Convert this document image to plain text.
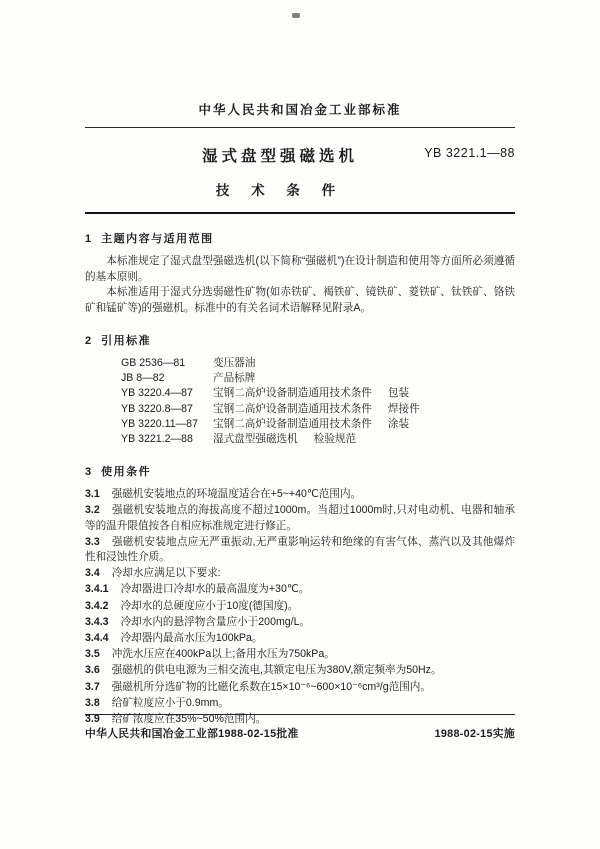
中华人民共和国冶金工业部标准
湿式盘型强磁选机
技 术 条 件
YB 3221.1—88
1 主题内容与适用范围

本标准规定了湿式盘型强磁选机(以下简称“强磁机”)在设计制造和使用等方面所必须遵循的基本原则。

本标准适用于湿式分选弱磁性矿物(如赤铁矿、褐铁矿、镜铁矿、菱铁矿、钛铁矿、铬铁矿和锰矿等)的强磁机。标准中的有关名词术语解释见附录A。

2 引用标准
GB 2536—81	变压器油
JB 8—82	产品标牌
YB 3220.4—87 宝钢二高炉设备制造通用技术条件 包装
YB 3220.8—87 宝钢二高炉设备制造通用技术条件 焊接件
YB 3220.11—87 宝钢二高炉设备制造通用技术条件 涂装
YB 3221.2—88 湿式盘型强磁选机 检验规范
3 使用条件

3.1 强磁机安装地点的环境温度适合在+5~+40℃范围内。

3.2 强磁机安装地点的海拔高度不超过1000m。当超过1000m时,只对电动机、电器和轴承等的温升限值按各自相应标准规定进行修正。

3.3 强磁机安装地点应无严重振动,无严重影响运转和绝缘的有害气体、蒸汽以及其他爆炸性和浸蚀性介质。

3.4 冷却水应满足以下要求:

3.4.1 冷却器进口冷却水的最高温度为+30℃。

3.4.2 冷却水的总硬度应小于10度(德国度)。

3.4.3 冷却水内的悬浮物含量应小于200mg/L。

3.4.4 冷却器内最高水压为100kPa。

3.5 冲洗水压应在400kPa以上;备用水压为750kPa。

3.6 强磁机的供电电源为三相交流电,其额定电压为380V,额定频率为50Hz。

3.7 强磁机所分选矿物的比磁化系数在15×10⁻⁶~600×10⁻⁶cm³/g范围内。

3.8 给矿粒度应小于0.9mm。

3.9 给矿浓度应在35%~50%范围内。

中华人民共和国冶金工业部1988-02-15批准	1988-02-15实施
